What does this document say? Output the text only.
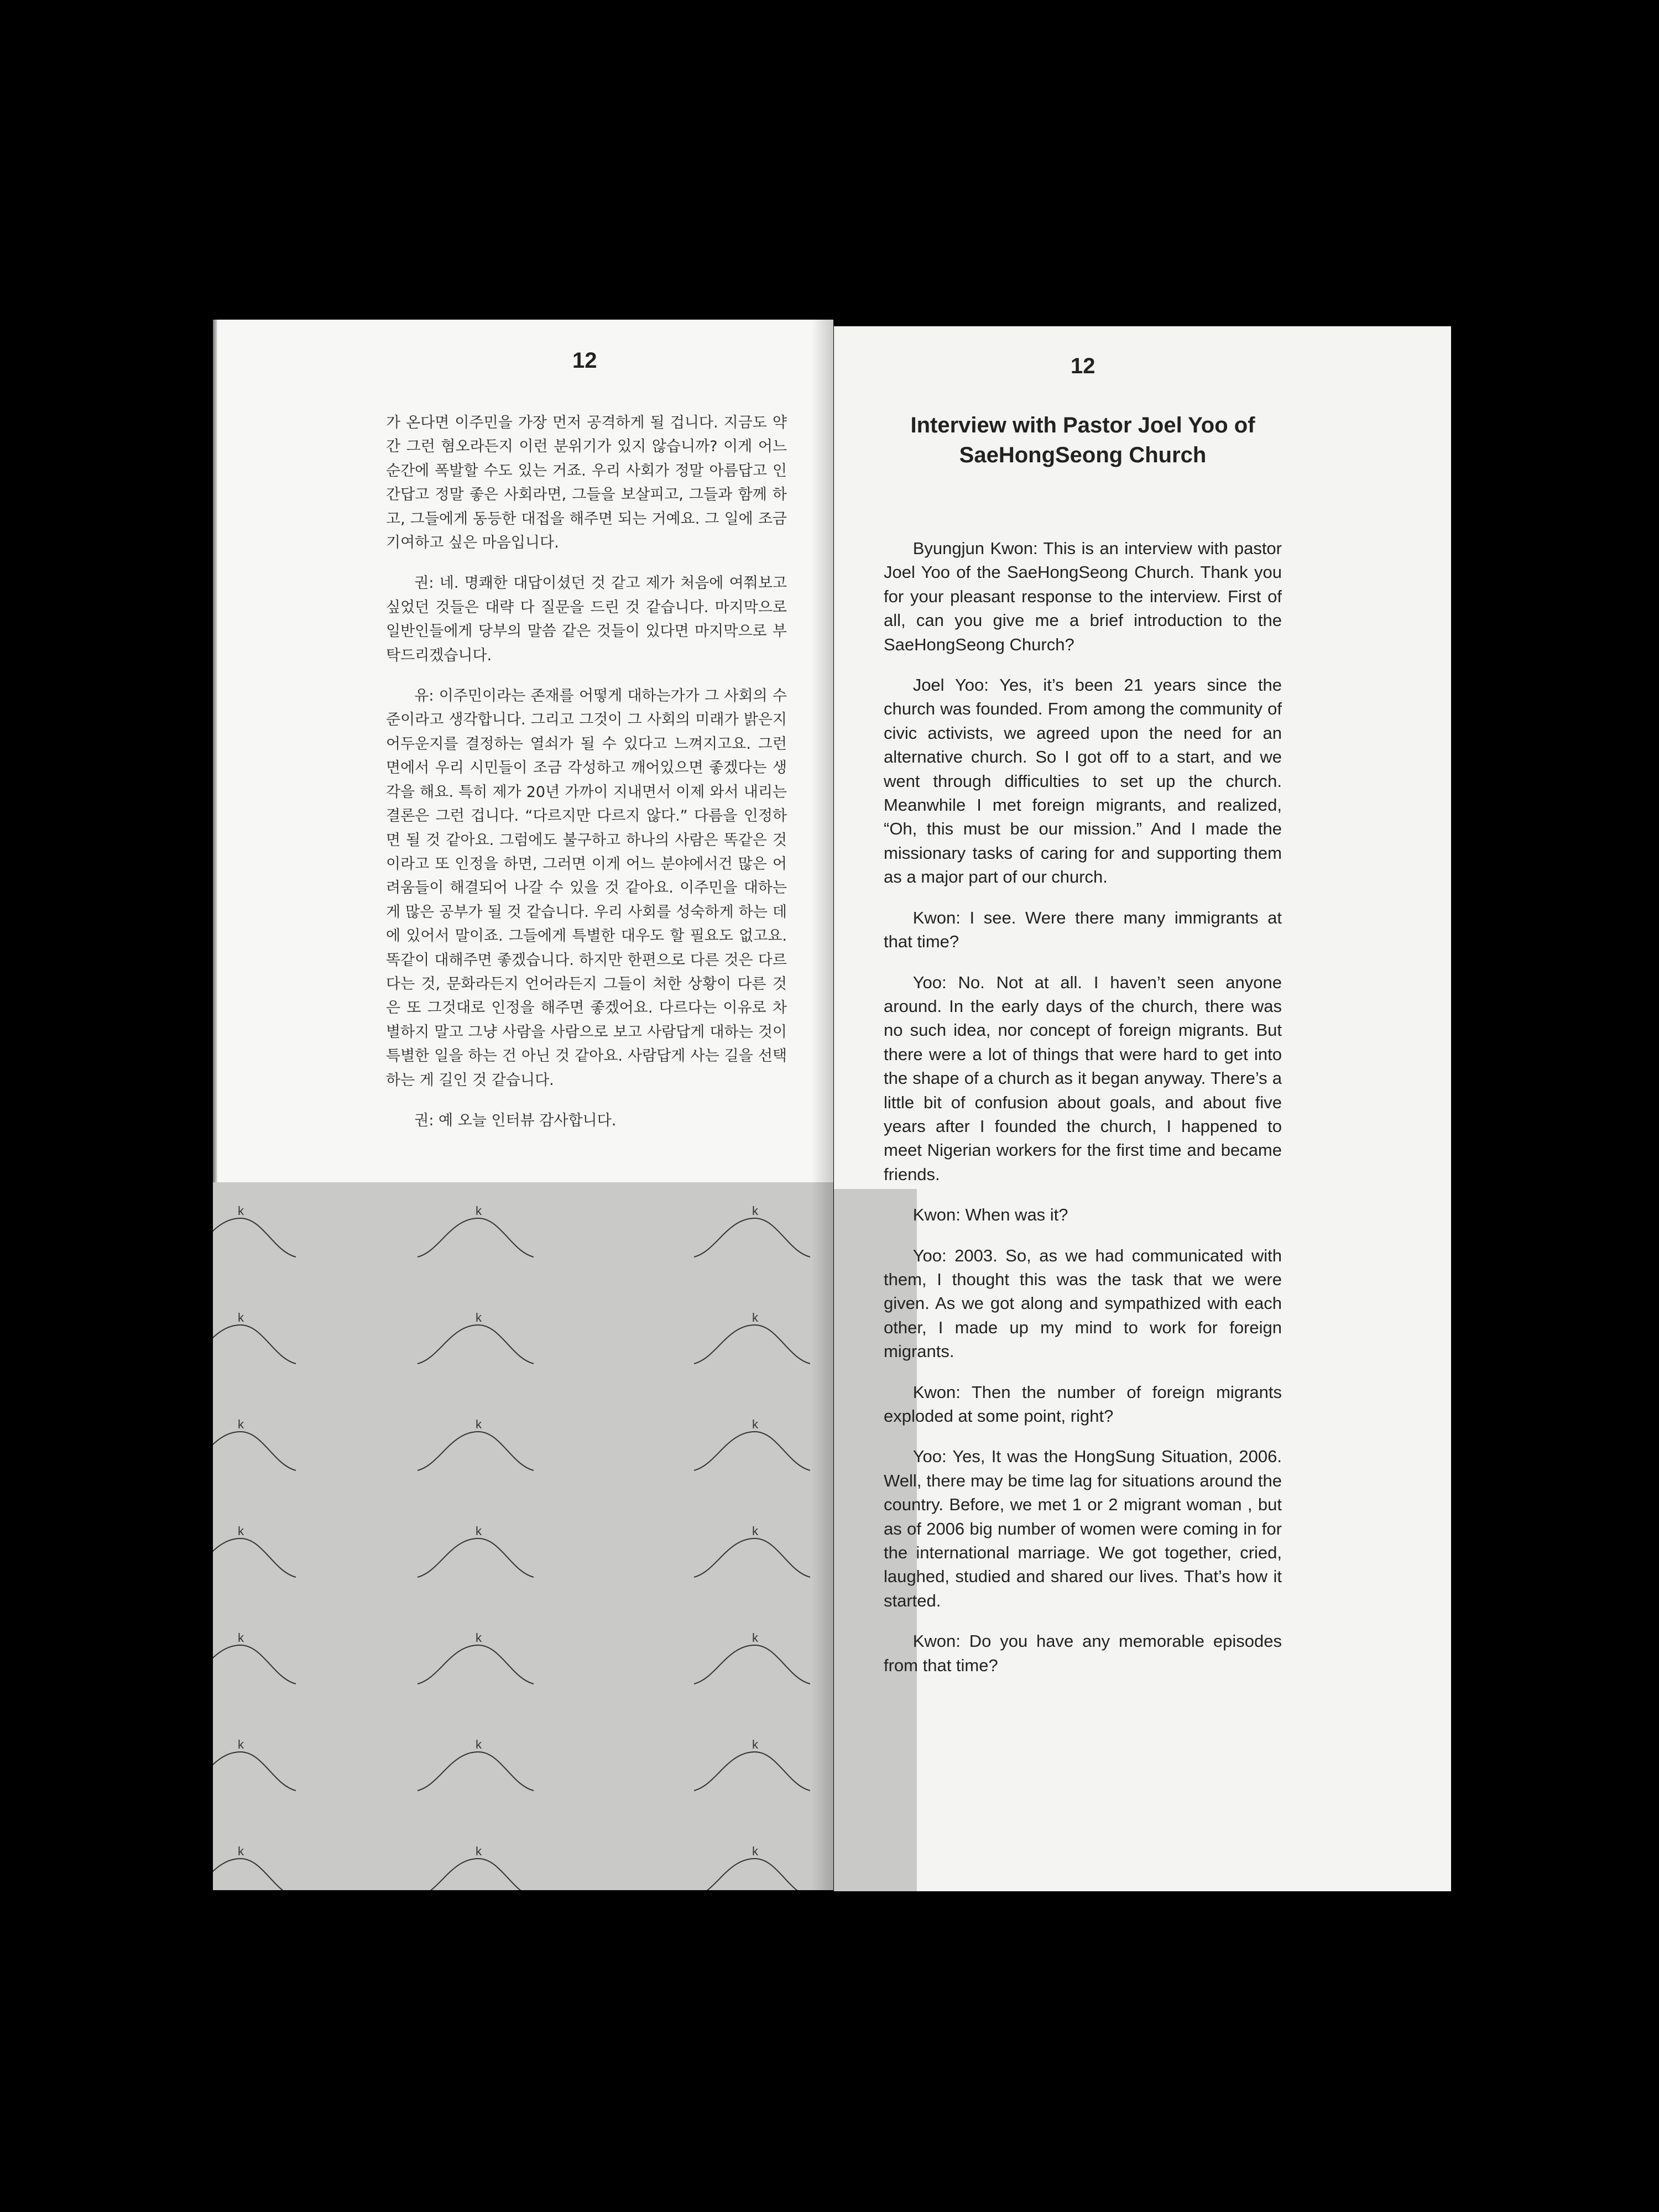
12

가 온다면 이주민을 가장 먼저 공격하게 될 겁니다. 지금도 약간 그런 혐오라든지 이런 분위기가 있지 않습니까? 이게 어느 순간에 폭발할 수도 있는 거죠. 우리 사회가 정말 아름답고 인간답고 정말 좋은 사회라면, 그들을 보살피고, 그들과 함께 하고, 그들에게 동등한 대접을 해주면 되는 거예요. 그 일에 조금 기여하고 싶은 마음입니다.

권: 네. 명쾌한 대답이셨던 것 같고 제가 처음에 여쭤보고 싶었던 것들은 대략 다 질문을 드린 것 같습니다. 마지막으로 일반인들에게 당부의 말씀 같은 것들이 있다면 마지막으로 부탁드리겠습니다.

유: 이주민이라는 존재를 어떻게 대하는가가 그 사회의 수준이라고 생각합니다. 그리고 그것이 그 사회의 미래가 밝은지 어두운지를 결정하는 열쇠가 될 수 있다고 느껴지고요. 그런 면에서 우리 시민들이 조금 각성하고 깨어있으면 좋겠다는 생각을 해요. 특히 제가 20년 가까이 지내면서 이제 와서 내리는 결론은 그런 겁니다. “다르지만 다르지 않다.” 다름을 인정하면 될 것 같아요. 그럼에도 불구하고 하나의 사람은 똑같은 것이라고 또 인정을 하면, 그러면 이게 어느 분야에서건 많은 어려움들이 해결되어 나갈 수 있을 것 같아요. 이주민을 대하는 게 많은 공부가 될 것 같습니다. 우리 사회를 성숙하게 하는 데에 있어서 말이죠. 그들에게 특별한 대우도 할 필요도 없고요. 똑같이 대해주면 좋겠습니다. 하지만 한편으로 다른 것은 다르다는 것, 문화라든지 언어라든지 그들이 처한 상황이 다른 것은 또 그것대로 인정을 해주면 좋겠어요. 다르다는 이유로 차별하지 말고 그냥 사람을 사람으로 보고 사람답게 대하는 것이 특별한 일을 하는 건 아닌 것 같아요. 사람답게 사는 길을 선택하는 게 길인 것 같습니다.

권: 예 오늘 인터뷰 감사합니다.

k	k	k
k	k	k
k	k	k
k	k	k
k	k	k
k	k	k
k	k	k
12
Interview with Pastor Joel Yoo of SaeHongSeong Church

Byungjun Kwon: This is an interview with pastor Joel Yoo of the SaeHongSeong Church. Thank you for your pleasant response to the interview. First of all, can you give me a brief introduction to the SaeHongSeong Church?

Joel Yoo: Yes, it’s been 21 years since the church was founded. From among the community of civic activists, we agreed upon the need for an alternative church. So I got off to a start, and we went through difficulties to set up the church. Meanwhile I met foreign migrants, and realized, “Oh, this must be our mission.” And I made the missionary tasks of caring for and supporting them as a major part of our church.

Kwon: I see. Were there many immigrants at that time?

Yoo: No. Not at all. I haven’t seen anyone around. In the early days of the church, there was no such idea, nor concept of foreign migrants. But there were a lot of things that were hard to get into the shape of a church as it began anyway. There’s a little bit of confusion about goals, and about five years after I founded the church, I happened to meet Nigerian workers for the first time and became friends.

Kwon: When was it?

Yoo: 2003. So, as we had communicated with them, I thought this was the task that we were given. As we got along and sympathized with each other, I made up my mind to work for foreign migrants.

Kwon: Then the number of foreign migrants exploded at some point, right?

Yoo: Yes, It was the HongSung Situation, 2006. Well, there may be time lag for situations around the country. Before, we met 1 or 2 migrant woman , but as of 2006 big number of women were coming in for the international marriage. We got together, cried, laughed, studied and shared our lives. That’s how it started.

Kwon: Do you have any memorable episodes from that time?
